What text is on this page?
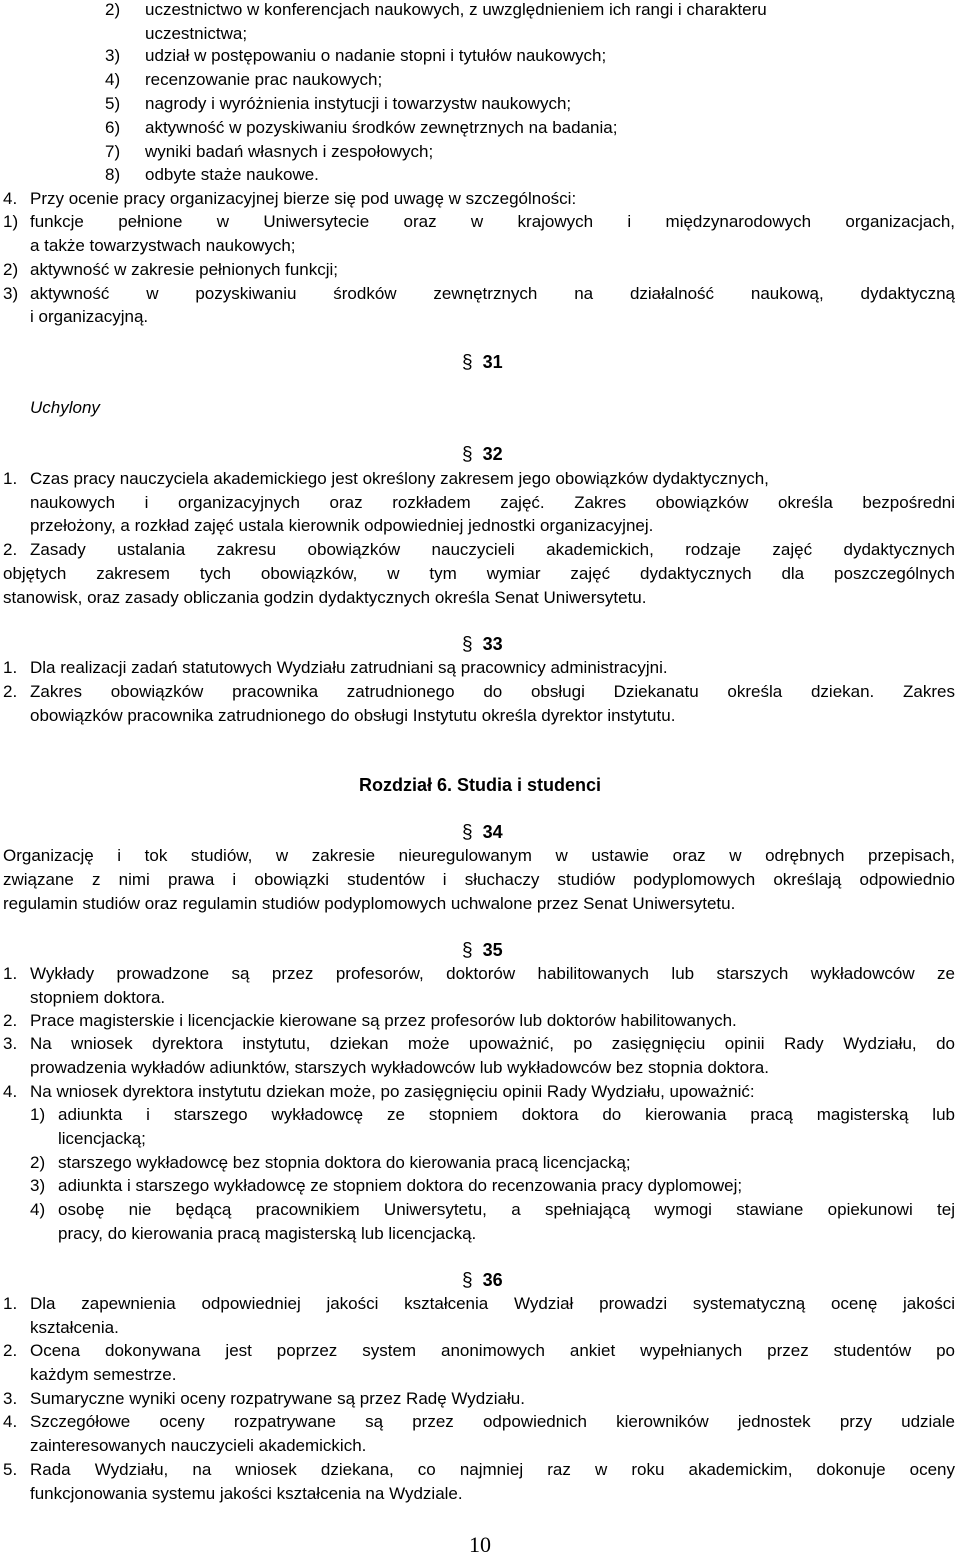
2) uczestnictwo w konferencjach naukowych, z uwzględnieniem ich rangi i charakteru
uczestnictwa;
3) udział w postępowaniu o nadanie stopni i tytułów naukowych;
4) recenzowanie prac naukowych;
5) nagrody i wyróżnienia instytucji i towarzystw naukowych;
6) aktywność w pozyskiwaniu środków zewnętrznych na badania;
7) wyniki badań własnych i zespołowych;
8) odbyte staże naukowe.
4. Przy ocenie pracy organizacyjnej bierze się pod uwagę w szczególności:
1) funkcje pełnione w Uniwersytecie oraz w krajowych i międzynarodowych organizacjach,
a także towarzystwach naukowych;
2) aktywność w zakresie pełnionych funkcji;
3) aktywność w pozyskiwaniu środków zewnętrznych na działalność naukową, dydaktyczną
i organizacyjną.
§ 31
Uchylony
§ 32
1. Czas pracy nauczyciela akademickiego jest określony zakresem jego obowiązków dydaktycznych,
naukowych i organizacyjnych oraz rozkładem zajęć. Zakres obowiązków określa bezpośredni
przełożony, a rozkład zajęć ustala kierownik odpowiedniej jednostki organizacyjnej.
2. Zasady ustalania zakresu obowiązków nauczycieli akademickich, rodzaje zajęć dydaktycznych
objętych zakresem tych obowiązków, w tym wymiar zajęć dydaktycznych dla poszczególnych
stanowisk, oraz zasady obliczania godzin dydaktycznych określa Senat Uniwersytetu.
§ 33
1. Dla realizacji zadań statutowych Wydziału zatrudniani są pracownicy administracyjni.
2. Zakres obowiązków pracownika zatrudnionego do obsługi Dziekanatu określa dziekan. Zakres
obowiązków pracownika zatrudnionego do obsługi Instytutu określa dyrektor instytutu.
Rozdział 6. Studia i studenci
§ 34
Organizację i tok studiów, w zakresie nieuregulowanym w ustawie oraz w odrębnych przepisach,
związane z nimi prawa i obowiązki studentów i słuchaczy studiów podyplomowych określają odpowiednio
regulamin studiów oraz regulamin studiów podyplomowych uchwalone przez Senat Uniwersytetu.
§ 35
1. Wykłady prowadzone są przez profesorów, doktorów habilitowanych lub starszych wykładowców ze
stopniem doktora.
2. Prace magisterskie i licencjackie kierowane są przez profesorów lub doktorów habilitowanych.
3. Na wniosek dyrektora instytutu, dziekan może upoważnić, po zasięgnięciu opinii Rady Wydziału, do
prowadzenia wykładów adiunktów, starszych wykładowców lub wykładowców bez stopnia doktora.
4. Na wniosek dyrektora instytutu dziekan może, po zasięgnięciu opinii Rady Wydziału, upoważnić:
1) adiunkta i starszego wykładowcę ze stopniem doktora do kierowania pracą magisterską lub
licencjacką;
2) starszego wykładowcę bez stopnia doktora do kierowania pracą licencjacką;
3) adiunkta i starszego wykładowcę ze stopniem doktora do recenzowania pracy dyplomowej;
4) osobę nie będącą pracownikiem Uniwersytetu, a spełniającą wymogi stawiane opiekunowi tej
pracy, do kierowania pracą magisterską lub licencjacką.
§ 36
1. Dla zapewnienia odpowiedniej jakości kształcenia Wydział prowadzi systematyczną ocenę jakości
kształcenia.
2. Ocena dokonywana jest poprzez system anonimowych ankiet wypełnianych przez studentów po
każdym semestrze.
3. Sumaryczne wyniki oceny rozpatrywane są przez Radę Wydziału.
4. Szczegółowe oceny rozpatrywane są przez odpowiednich kierowników jednostek przy udziale
zainteresowanych nauczycieli akademickich.
5. Rada Wydziału, na wniosek dziekana, co najmniej raz w roku akademickim, dokonuje oceny
funkcjonowania systemu jakości kształcenia na Wydziale.
10
